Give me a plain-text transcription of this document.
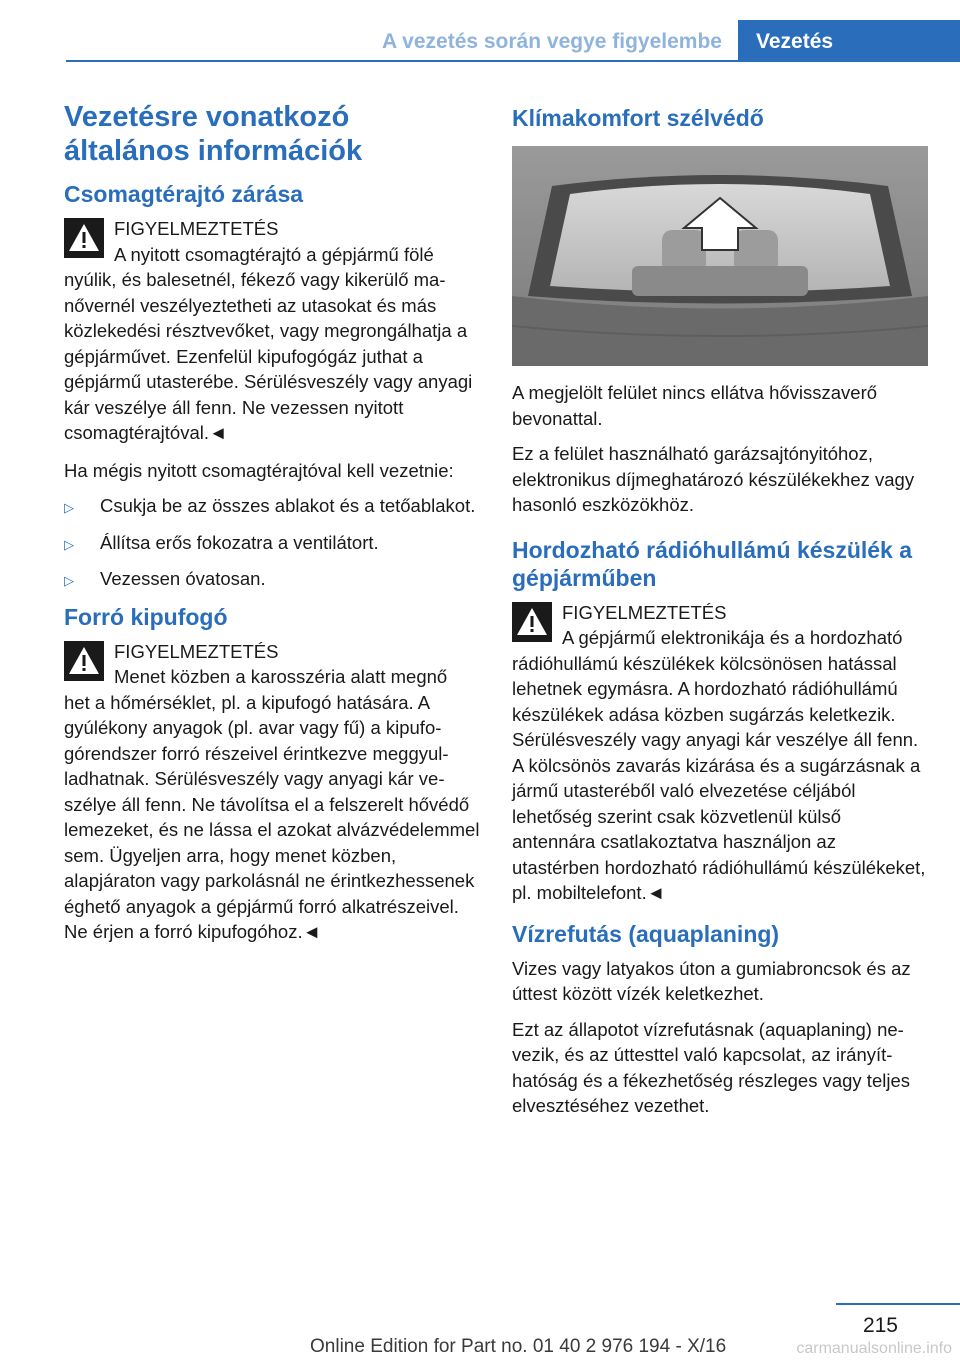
A vezetés során vegye figyelembe	Vezetés
Vezetésre vonatkozó általános információk
Csomagtérajtó zárása
FIGYELMEZTETÉS
A nyitott csomagtérajtó a gépjármű fölé
nyúlik, és balesetnél, fékező vagy kikerülő manővernél veszélyeztetheti az utasokat és más közlekedési résztvevőket, vagy megrongálhatja a gépjárművet. Ezenfelül kipufogógáz juthat a gépjármű utasterébe. Sérülésveszély vagy anyagi kár veszélye áll fenn. Ne vezessen nyitott csomagtérajtóval.◄
Ha mégis nyitott csomagtérajtóval kell vezetnie:
▷ Csukja be az összes ablakot és a tetőablakot.
▷ Állítsa erős fokozatra a ventilátort.
▷ Vezessen óvatosan.
Forró kipufogó
FIGYELMEZTETÉS
Menet közben a karosszéria alatt megnő
het a hőmérséklet, pl. a kipufogó hatására. A gyúlékony anyagok (pl. avar vagy fű) a kipufogórendszer forró részeivel érintkezve meggyulladhatnak. Sérülésveszély vagy anyagi kár veszélye áll fenn. Ne távolítsa el a felszerelt hővédő lemezeket, és ne lássa el azokat alvázvédelemmel sem. Ügyeljen arra, hogy menet közben, alapjáraton vagy parkolásnál ne érintkezhessenek éghető anyagok a gépjármű forró alkatrészeivel. Ne érjen a forró kipufogóhoz.◄
Klímakomfort szélvédő
A megjelölt felület nincs ellátva hővisszaverő bevonattal.
Ez a felület használható garázsajtónyitóhoz, elektronikus díjmeghatározó készülékekhez vagy hasonló eszközökhöz.
Hordozható rádióhullámú készülék a gépjárműben
FIGYELMEZTETÉS
A gépjármű elektronikája és a hordozható
rádióhullámú készülékek kölcsönösen hatással lehetnek egymásra. A hordozható rádióhullámú készülékek adása közben sugárzás keletkezik. Sérülésveszély vagy anyagi kár veszélye áll fenn. A kölcsönös zavarás kizárása és a sugárzásnak a jármű utasteréből való elvezetése céljából lehetőség szerint csak közvetlenül külső antennára csatlakoztatva használjon az utastérben hordozható rádióhullámú készülékeket, pl. mobiltelefont.◄
Vízrefutás (aquaplaning)
Vizes vagy latyakos úton a gumiabroncsok és az úttest között vízék keletkezhet.
Ezt az állapotot vízrefutásnak (aquaplaning) nevezik, és az úttesttel való kapcsolat, az irányíthatóság és a fékezhetőség részleges vagy teljes elvesztéséhez vezethet.
215
Online Edition for Part no. 01 40 2 976 194 - X/16	carmanualsonline.info
